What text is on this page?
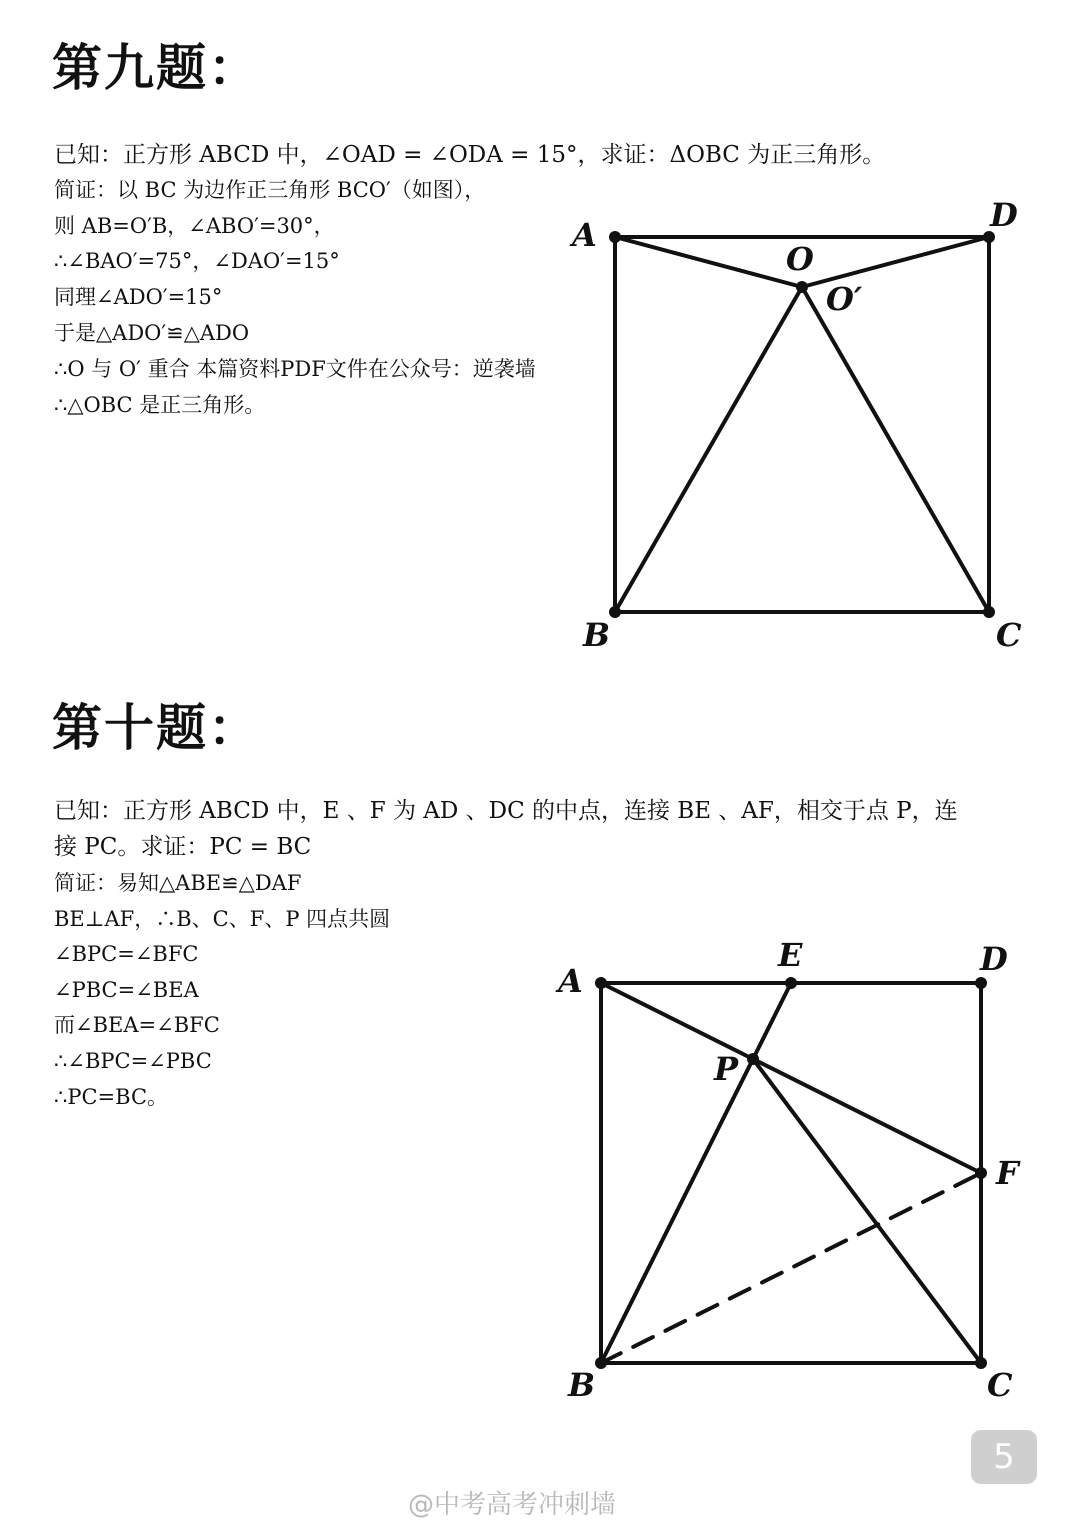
第九题：
已知：正方形 ABCD 中，∠OAD = ∠ODA = 15°，求证：ΔOBC 为正三角形。
简证：以 BC 为边作正三角形 BCO′（如图），
则 AB=O′B，∠ABO′=30°，
∴∠BAO′=75°，∠DAO′=15°
同理∠ADO′=15°
于是△ADO′≌△ADO
∴O 与 O′ 重合 本篇资料PDF文件在公众号：逆袭墙
∴△OBC 是正三角形。
A
D
B	C
O
O′
第十题：
已知：正方形 ABCD 中，E 、F 为 AD 、DC 的中点，连接 BE 、AF，相交于点 P，连
接 PC。求证：PC = BC
简证：易知△ABE≌△DAF
BE⊥AF，∴B、C、F、P 四点共圆
∠BPC=∠BFC
∠PBC=∠BEA
而∠BEA=∠BFC
∴∠BPC=∠PBC
∴PC=BC。
A
E	D
P
F
B	C
5
@中考高考冲刺墙
